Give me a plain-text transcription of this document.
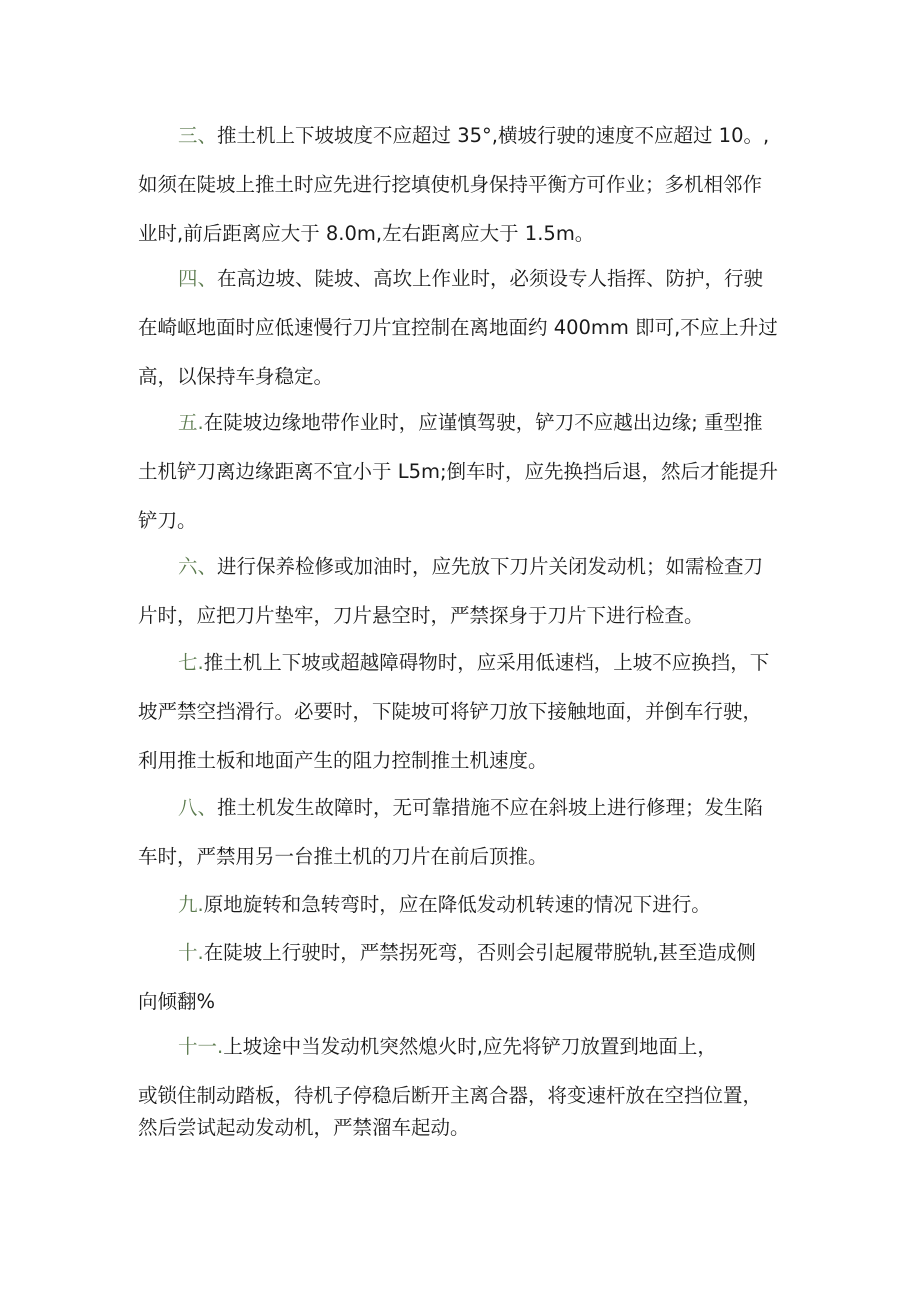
三、推土机上下坡坡度不应超过 35°,横坡行驶的速度不应超过 10。,
如须在陡坡上推土时应先进行挖填使机身保持平衡方可作业；多机相邻作
业时,前后距离应大于 8.0m,左右距离应大于 1.5m。
四、在高边坡、陡坡、高坎上作业时，必须设专人指挥、防护，行驶
在崎岖地面时应低速慢行刀片宜控制在离地面约 400mm 即可,不应上升过
高，以保持车身稳定。
五.在陡坡边缘地带作业时，应谨慎驾驶，铲刀不应越出边缘; 重型推
土机铲刀离边缘距离不宜小于 L5m;倒车时，应先换挡后退，然后才能提升
铲刀。
六、进行保养检修或加油时，应先放下刀片关闭发动机；如需检查刀
片时，应把刀片垫牢，刀片悬空时，严禁探身于刀片下进行检查。
七.推土机上下坡或超越障碍物时，应采用低速档，上坡不应换挡，下
坡严禁空挡滑行。必要时，下陡坡可将铲刀放下接触地面，并倒车行驶，
利用推土板和地面产生的阻力控制推土机速度。
八、推土机发生故障时，无可靠措施不应在斜坡上进行修理；发生陷
车时，严禁用另一台推土机的刀片在前后顶推。
九.原地旋转和急转弯时，应在降低发动机转速的情况下进行。
十.在陡坡上行驶时，严禁拐死弯，否则会引起履带脱轨,甚至造成侧
向倾翻%
十一.上坡途中当发动机突然熄火时,应先将铲刀放置到地面上，
或锁住制动踏板，待机子停稳后断开主离合器，将变速杆放在空挡位置，
然后尝试起动发动机，严禁溜车起动。
